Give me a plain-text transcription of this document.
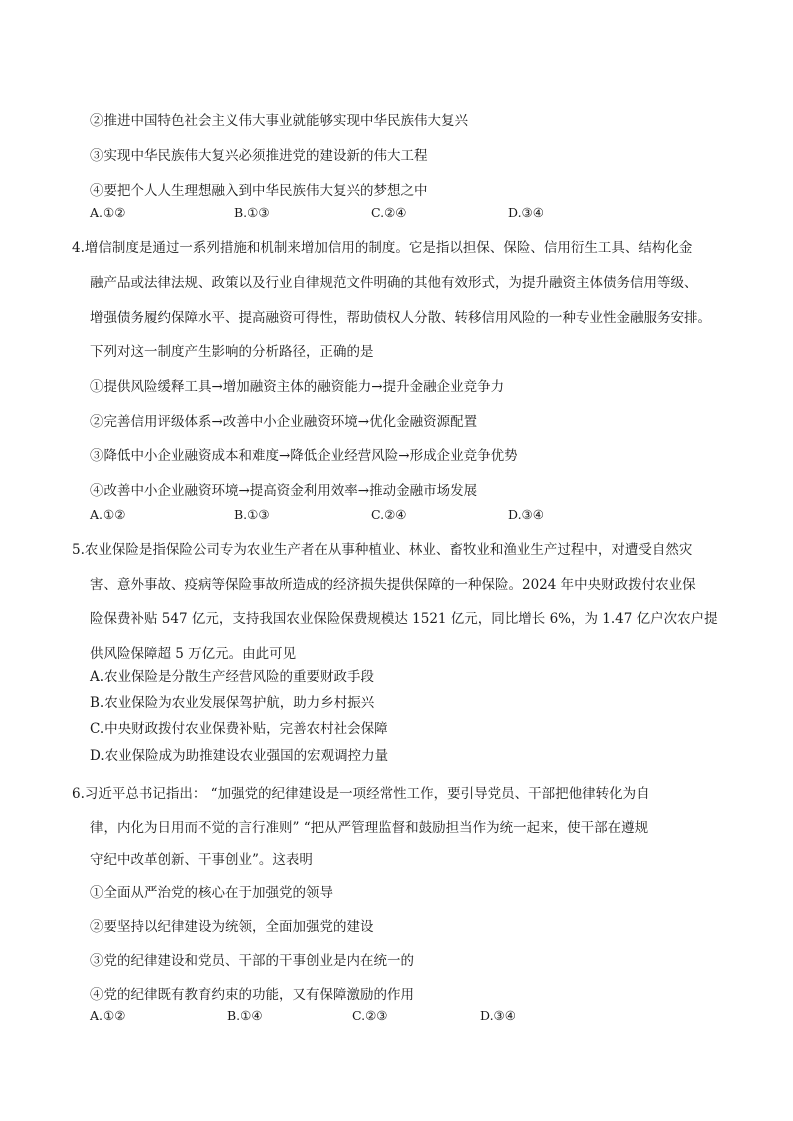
②推进中国特色社会主义伟大事业就能够实现中华民族伟大复兴
③实现中华民族伟大复兴必须推进党的建设新的伟大工程
④要把个人人生理想融入到中华民族伟大复兴的梦想之中
A.①②	B.①③	C.②④	D.③④
4.增信制度是通过一系列措施和机制来增加信用的制度。它是指以担保、保险、信用衍生工具、结构化金
融产品或法律法规、政策以及行业自律规范文件明确的其他有效形式，为提升融资主体债务信用等级、
增强债务履约保障水平、提高融资可得性，帮助债权人分散、转移信用风险的一种专业性金融服务安排。
下列对这一制度产生影响的分析路径，正确的是
①提供风险缓释工具→增加融资主体的融资能力→提升金融企业竞争力
②完善信用评级体系→改善中小企业融资环境→优化金融资源配置
③降低中小企业融资成本和难度→降低企业经营风险→形成企业竞争优势
④改善中小企业融资环境→提高资金利用效率→推动金融市场发展
A.①②	B.①③	C.②④	D.③④
5.农业保险是指保险公司专为农业生产者在从事种植业、林业、畜牧业和渔业生产过程中，对遭受自然灾
害、意外事故、疫病等保险事故所造成的经济损失提供保障的一种保险。2024 年中央财政拨付农业保
险保费补贴 547 亿元，支持我国农业保险保费规模达 1521 亿元，同比增长 6%，为 1.47 亿户次农户提
供风险保障超 5 万亿元。由此可见
A.农业保险是分散生产经营风险的重要财政手段
B.农业保险为农业发展保驾护航，助力乡村振兴
C.中央财政拨付农业保费补贴，完善农村社会保障
D.农业保险成为助推建设农业强国的宏观调控力量
6.习近平总书记指出： “加强党的纪律建设是一项经常性工作，要引导党员、干部把他律转化为自
律，内化为日用而不觉的言行准则” “把从严管理监督和鼓励担当作为统一起来，使干部在遵规
守纪中改革创新、干事创业”。这表明
①全面从严治党的核心在于加强党的领导
②要坚持以纪律建设为统领，全面加强党的建设
③党的纪律建设和党员、干部的干事创业是内在统一的
④党的纪律既有教育约束的功能，又有保障激励的作用
A.①②	B.①④	C.②③	D.③④
